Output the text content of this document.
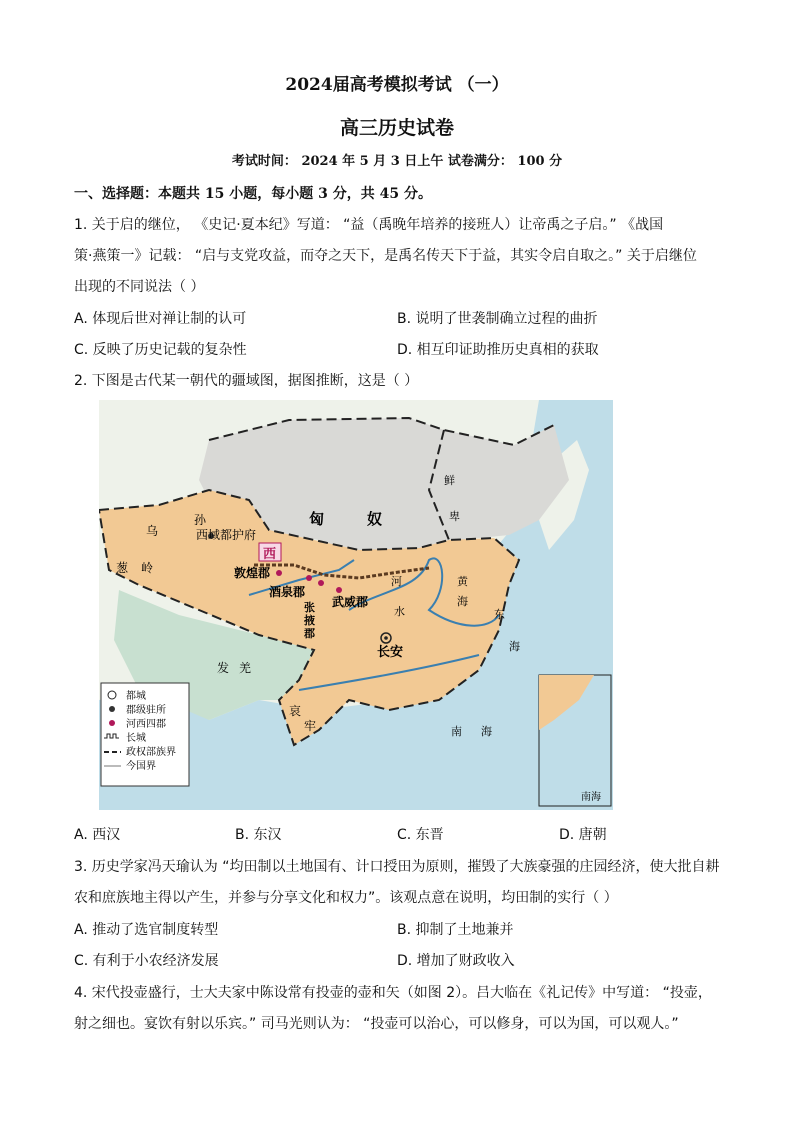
2024届高考模拟考试 （一）
高三历史试卷
考试时间： 2024 年 5 月 3 日上午 试卷满分： 100 分
一、选择题：本题共 15 小题，每小题 3 分，共 45 分。
1. 关于启的继位， 《史记·夏本纪》写道： “益（禹晚年培养的接班人）让帝禹之子启。” 《战国
策·燕策一》记载： “启与支党攻益，而夺之天下，是禹名传天下于益，其实令启自取之。” 关于启继位
出现的不同说法（ ）
A. 体现后世对禅让制的认可	B. 说明了世袭制确立过程的曲折
C. 反映了历史记载的复杂性	D. 相互印证助推历史真相的获取
2. 下图是古代某一朝代的疆域图，据图推断，这是（ ）
都城
郡级驻所
河西四郡
长城
政权部族界
今国界
匈	奴
鲜
卑
乌
孙
西域都护府
西
葱 岭	敦煌郡
酒泉郡
张
掖
郡
武威郡
长安
发 羌
哀
牢
河
水	东
海
黄
海
南 海
南海
A. 西汉	B. 东汉	C. 东晋	D. 唐朝
3. 历史学家冯天瑜认为 “均田制以土地国有、计口授田为原则，摧毁了大族豪强的庄园经济，使大批自耕
农和庶族地主得以产生，并参与分享文化和权力”。该观点意在说明，均田制的实行（ ）
A. 推动了选官制度转型	B. 抑制了土地兼并
C. 有利于小农经济发展	D. 增加了财政收入
4. 宋代投壶盛行，士大夫家中陈设常有投壶的壶和矢（如图 2）。吕大临在《礼记传》中写道： “投壶，
射之细也。宴饮有射以乐宾。” 司马光则认为： “投壶可以治心，可以修身，可以为国，可以观人。”
